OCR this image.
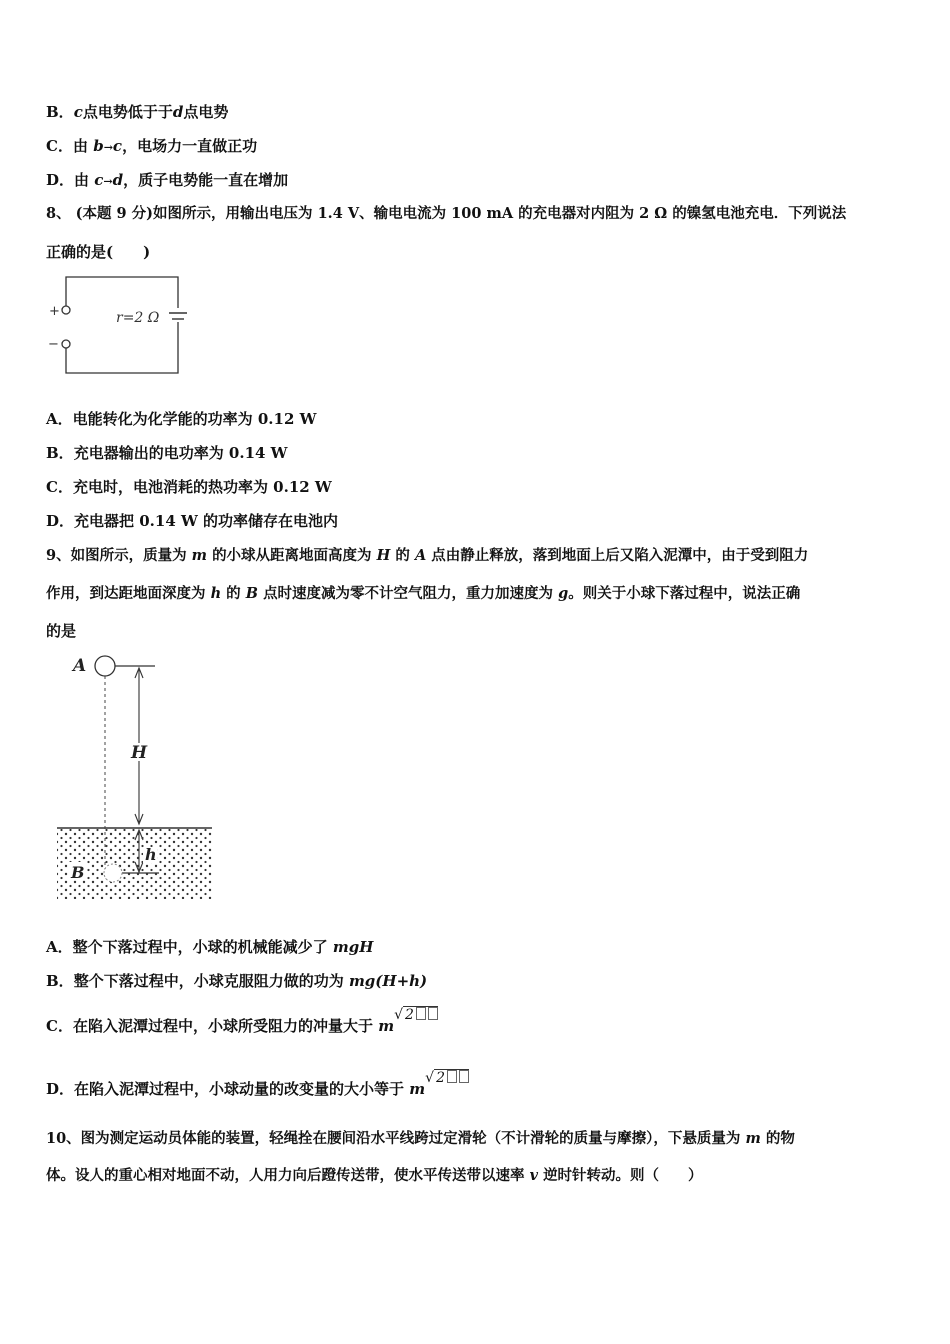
B．c点电势低于于d点电势
C．由 b→c，电场力一直做正功
D．由 c→d，质子电势能一直在增加
8、 (本题 9 分)如图所示，用输出电压为 1.4 V、输电电流为 100 mA 的充电器对内阻为 2 Ω 的镍氢电池充电．下列说法
正确的是(　　)
+
−
r=2 Ω
A．电能转化为化学能的功率为 0.12 W
B．充电器输出的电功率为 0.14 W
C．充电时，电池消耗的热功率为 0.12 W
D．充电器把 0.14 W 的功率储存在电池内
9、如图所示，质量为 m 的小球从距离地面高度为 H 的 A 点由静止释放，落到地面上后又陷入泥潭中，由于受到阻力
作用，到达距地面深度为 h 的 B 点时速度减为零不计空气阻力，重力加速度为 g。则关于小球下落过程中，说法正确
的是
A
H
h
B
A．整个下落过程中，小球的机械能减少了 mgH
B．整个下落过程中，小球克服阻力做的功为 mg(H+h)
C．在陷入泥潭过程中，小球所受阻力的冲量大于 m√ 2
D．在陷入泥潭过程中，小球动量的改变量的大小等于 m√ 2
10、图为测定运动员体能的装置，轻绳拴在腰间沿水平线跨过定滑轮（不计滑轮的质量与摩擦），下悬质量为 m 的物
体。设人的重心相对地面不动，人用力向后蹬传送带，使水平传送带以速率 v 逆时针转动。则（　　）
